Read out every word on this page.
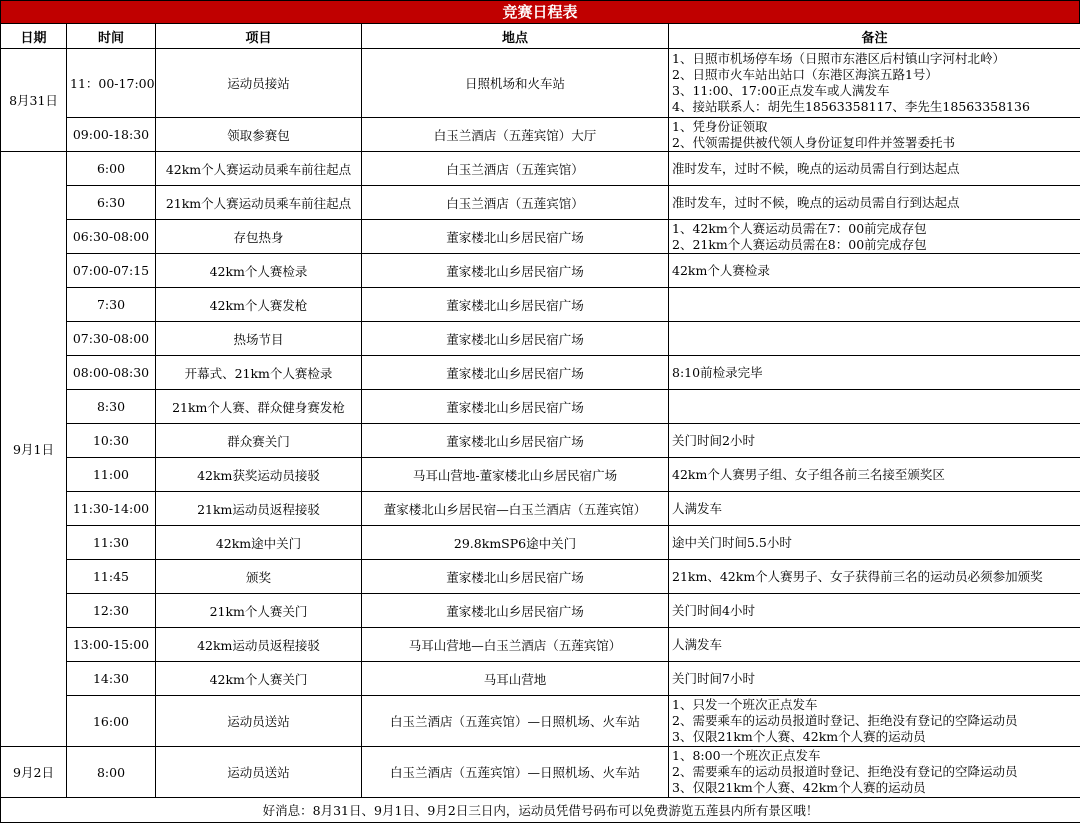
竞赛日程表
日期	时间	项目	地点	备注
8月31日	11：00-17:00	运动员接站	日照机场和火车站	1、日照市机场停车场（日照市东港区后村镇山字河村北岭）
2、日照市火车站出站口（东港区海滨五路1号）
3、11:00、17:00正点发车或人满发车
4、接站联系人：胡先生18563358117、李先生18563358136

	09:00-18:30	领取参赛包	白玉兰酒店（五莲宾馆）大厅	1、凭身份证领取
2、代领需提供被代领人身份证复印件并签署委托书

9月1日	6:00	42km个人赛运动员乘车前往起点	白玉兰酒店（五莲宾馆）	准时发车，过时不候，晚点的运动员需自行到达起点

	6:30	21km个人赛运动员乘车前往起点	白玉兰酒店（五莲宾馆）	准时发车，过时不候，晚点的运动员需自行到达起点

	06:30-08:00	存包热身	董家楼北山乡居民宿广场	1、42km个人赛运动员需在7：00前完成存包
2、21km个人赛运动员需在8：00前完成存包

	07:00-07:15	42km个人赛检录	董家楼北山乡居民宿广场	42km个人赛检录

	7:30	42km个人赛发枪	董家楼北山乡居民宿广场	
	07:30-08:00	热场节目	董家楼北山乡居民宿广场	
	08:00-08:30	开幕式、21km个人赛检录	董家楼北山乡居民宿广场	8:10前检录完毕

	8:30	21km个人赛、群众健身赛发枪	董家楼北山乡居民宿广场	
	10:30	群众赛关门	董家楼北山乡居民宿广场	关门时间2小时

	11:00	42km获奖运动员接驳	马耳山营地-董家楼北山乡居民宿广场	42km个人赛男子组、女子组各前三名接至颁奖区

	11:30-14:00	21km运动员返程接驳	董家楼北山乡居民宿—白玉兰酒店（五莲宾馆）	人满发车

	11:30	42km途中关门	29.8kmSP6途中关门	途中关门时间5.5小时

	11:45	颁奖	董家楼北山乡居民宿广场	21km、42km个人赛男子、女子获得前三名的运动员必须参加颁奖

	12:30	21km个人赛关门	董家楼北山乡居民宿广场	关门时间4小时

	13:00-15:00	42km运动员返程接驳	马耳山营地—白玉兰酒店（五莲宾馆）	人满发车

	14:30	42km个人赛关门	马耳山营地	关门时间7小时

	16:00	运动员送站	白玉兰酒店（五莲宾馆）—日照机场、火车站	1、只发一个班次正点发车
2、需要乘车的运动员报道时登记、拒绝没有登记的空降运动员
3、仅限21km个人赛、42km个人赛的运动员

9月2日	8:00	运动员送站	白玉兰酒店（五莲宾馆）—日照机场、火车站	1、8:00一个班次正点发车
2、需要乘车的运动员报道时登记、拒绝没有登记的空降运动员
3、仅限21km个人赛、42km个人赛的运动员

好消息：8月31日、9月1日、9月2日三日内，运动员凭借号码布可以免费游览五莲县内所有景区哦！				
